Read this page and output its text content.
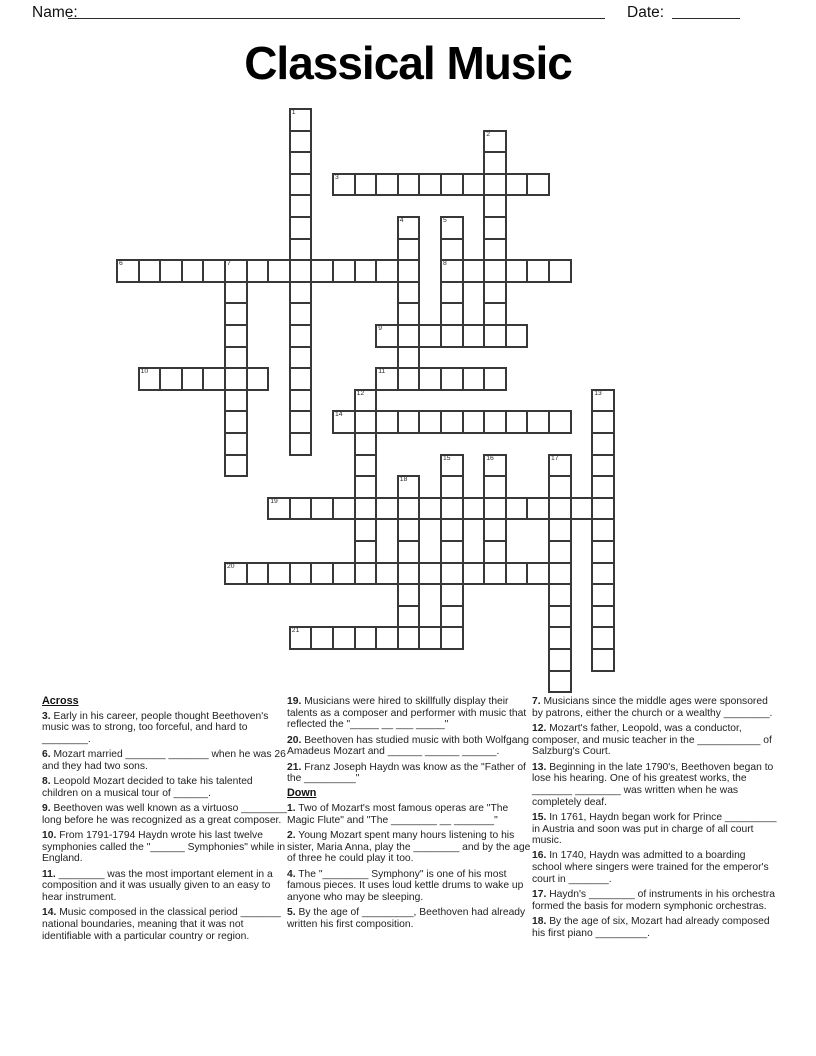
Name:	Date:
Classical Music
1
2
3
4	5
8
6	7
9
10	11
12	13
14
15	16	17
18
19
20
21
Across
3. Early in his career, people thought Beethoven's music was to strong, too forceful, and hard to ________.
6. Mozart married _______ _______ when he was 26 and they had two sons.
8. Leopold Mozart decided to take his talented children on a musical tour of ______.
9. Beethoven was well known as a virtuoso ________ long before he was recognized as a great composer.
10. From 1791-1794 Haydn wrote his last twelve symphonies called the "______ Symphonies" while in England.
11. ________ was the most important element in a composition and it was usually given to an easy to hear instrument.
14. Music composed in the classical period _______ national boundaries, meaning that it was not identifiable with a particular country or region.
19. Musicians were hired to skillfully display their talents as a composer and performer with music that reflected the "_____ __ ___ _____"
20. Beethoven has studied music with both Wolfgang Amadeus Mozart and ______ ______ ______.
21. Franz Joseph Haydn was know as the "Father of the _________"
Down
1. Two of Mozart's most famous operas are "The Magic Flute" and "The ________ __ _______"
2. Young Mozart spent many hours listening to his sister, Maria Anna, play the ________ and by the age of three he could play it too.
4. The "________ Symphony" is one of his most famous pieces. It uses loud kettle drums to wake up anyone who may be sleeping.
5. By the age of _________, Beethoven had already written his first composition.
7. Musicians since the middle ages were sponsored by patrons, either the church or a wealthy ________.
12. Mozart's father, Leopold, was a conductor, composer, and music teacher in the ___________ of Salzburg's Court.
13. Beginning in the late 1790's, Beethoven began to lose his hearing. One of his greatest works, the _______ ________ was written when he was completely deaf.
15. In 1761, Haydn began work for Prince _________ in Austria and soon was put in charge of all court music.
16. In 1740, Haydn was admitted to a boarding school where singers were trained for the emperor's court in _______.
17. Haydn's ________ of instruments in his orchestra formed the basis for modern symphonic orchestras.
18. By the age of six, Mozart had already composed his first piano _________.
